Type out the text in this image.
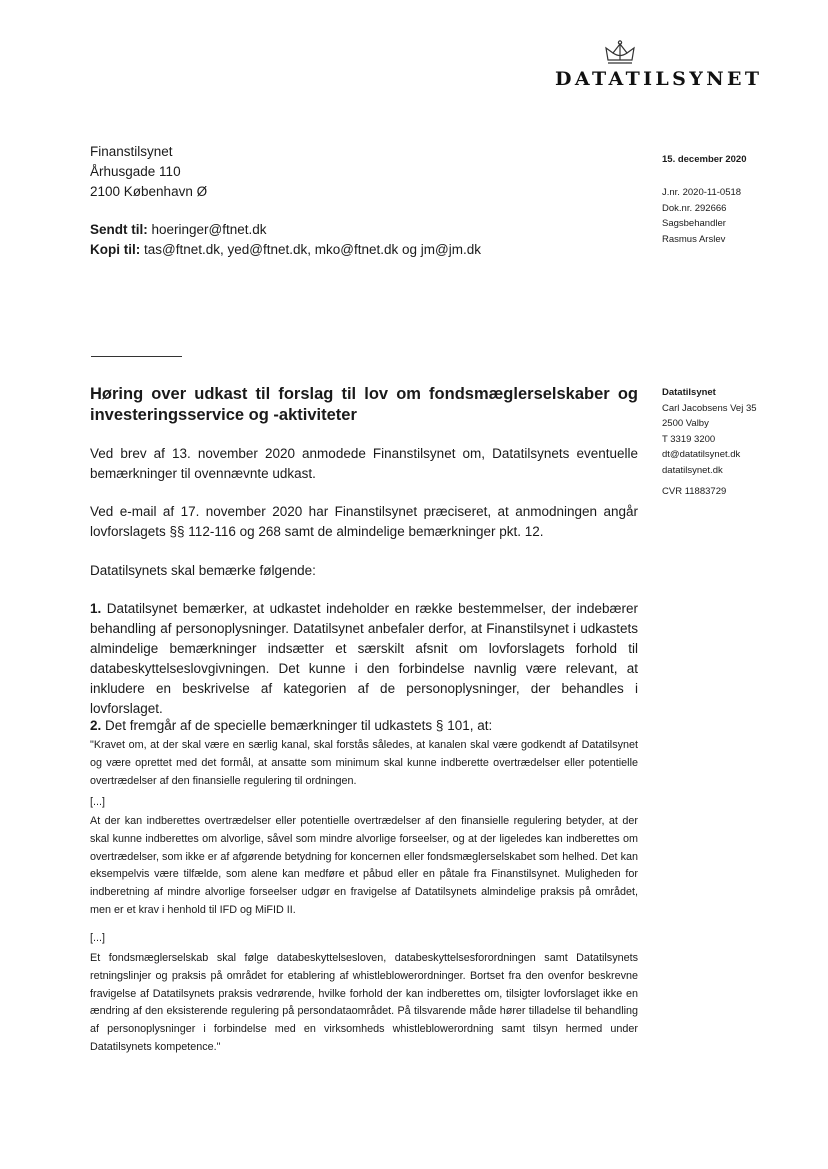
DATATILSYNET
Finanstilsynet
Århusgade 110
2100 København Ø
Sendt til: hoeringer@ftnet.dk
Kopi til: tas@ftnet.dk, yed@ftnet.dk, mko@ftnet.dk og jm@jm.dk
15. december 2020
J.nr. 2020-11-0518
Dok.nr. 292666
Sagsbehandler
Rasmus Arslev
Datatilsynet
Carl Jacobsens Vej 35
2500 Valby
T 3319 3200
dt@datatilsynet.dk
datatilsynet.dk
CVR 11883729
Høring over udkast til forslag til lov om fondsmæglerselskaber og investeringsservice og -aktiviteter

Ved brev af 13. november 2020 anmodede Finanstilsynet om, Datatilsynets eventuelle bemærkninger til ovennævnte udkast.

Ved e-mail af 17. november 2020 har Finanstilsynet præciseret, at anmodningen angår lovforslagets §§ 112-116 og 268 samt de almindelige bemærkninger pkt. 12.

Datatilsynets skal bemærke følgende:

1. Datatilsynet bemærker, at udkastet indeholder en række bestemmelser, der indebærer behandling af personoplysninger. Datatilsynet anbefaler derfor, at Finanstilsynet i udkastets almindelige bemærkninger indsætter et særskilt afsnit om lovforslagets forhold til databeskyttelseslovgivningen. Det kunne i den forbindelse navnlig være relevant, at inkludere en beskrivelse af kategorien af de personoplysninger, der behandles i lovforslaget.

2. Det fremgår af de specielle bemærkninger til udkastets § 101, at:

"Kravet om, at der skal være en særlig kanal, skal forstås således, at kanalen skal være godkendt af Datatilsynet og være oprettet med det formål, at ansatte som minimum skal kunne indberette overtrædelser eller potentielle overtrædelser af den finansielle regulering til ordningen.

[...]

At der kan indberettes overtrædelser eller potentielle overtrædelser af den finansielle regulering betyder, at der skal kunne indberettes om alvorlige, såvel som mindre alvorlige forseelser, og at der ligeledes kan indberettes om overtrædelser, som ikke er af afgørende betydning for koncernen eller fondsmæglerselskabet som helhed. Det kan eksempelvis være tilfælde, som alene kan medføre et påbud eller en påtale fra Finanstilsynet. Muligheden for indberetning af mindre alvorlige forseelser udgør en fravigelse af Datatilsynets almindelige praksis på området, men er et krav i henhold til IFD og MiFID II.

[...]

Et fondsmæglerselskab skal følge databeskyttelsesloven, databeskyttelsesforordningen samt Datatilsynets retningslinjer og praksis på området for etablering af whistleblowerordninger. Bortset fra den ovenfor beskrevne fravigelse af Datatilsynets praksis vedrørende, hvilke forhold der kan indberettes om, tilsigter lovforslaget ikke en ændring af den eksisterende regulering på persondataområdet. På tilsvarende måde hører tilladelse til behandling af personoplysninger i forbindelse med en virksomheds whistleblowerordning samt tilsyn hermed under Datatilsynets kompetence."
